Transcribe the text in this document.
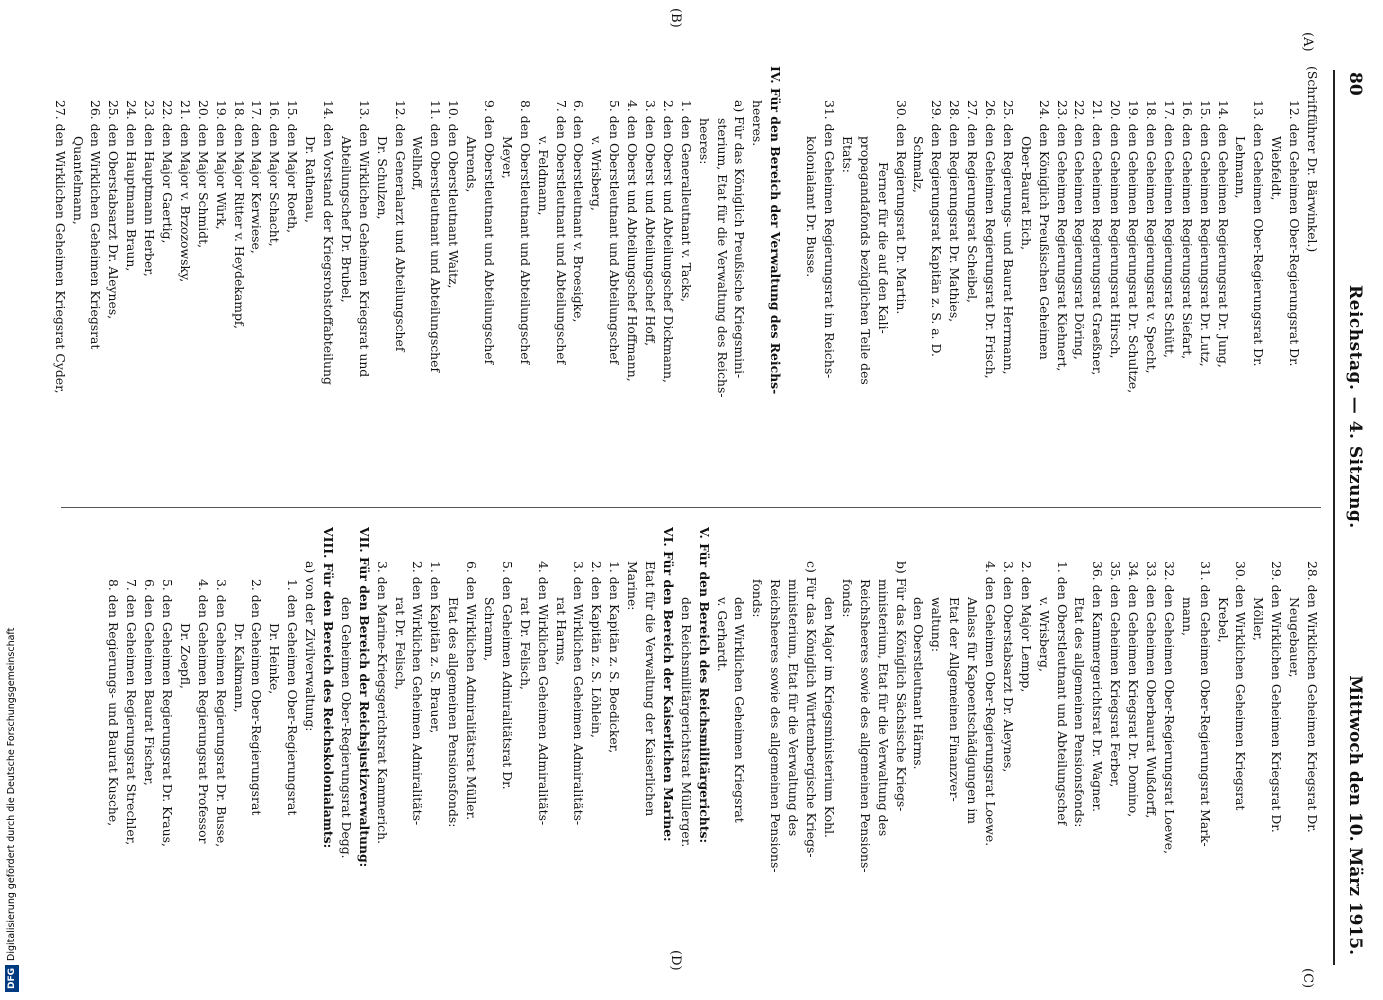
80
Reichstag. — 4. Sitzung.
Mittwoch den 10. März 1915.
(A)
(B)
(C)
(D)
(Schriftführer Dr. Bärwinkel.)
12. den Geheimen Ober-Regierungsrat Dr.
Wiebfeldt,
13. den Geheimen Ober-Regierungsrat Dr.
Lehmann,
14. den Geheimen Regierungsrat Dr. Jung,
15. den Geheimen Regierungsrat Dr. Lutz,
16. den Geheimen Regierungsrat Siefart,
17. den Geheimen Regierungsrat Schütt,
18. den Geheimen Regierungsrat v. Specht,
19. den Geheimen Regierungsrat Dr. Schultze,
20. den Geheimen Regierungsrat Hirsch,
21. den Geheimen Regierungsrat Graeßner,
22. den Geheimen Regierungsrat Döring,
23. den Geheimen Regierungsrat Kiehnert,
24. den Königlich Preußischen Geheimen
Ober-Baurat Eich,
25. den Regierungs- und Baurat Herrmann,
26. den Geheimen Regierungsrat Dr. Frisch,
27. den Regierungsrat Scheibel,
28. den Regierungsrat Dr. Mathies,
29. den Regierungsrat Kapitän z. S. a. D.
Schmalz,
30. den Regierungsrat Dr. Martin.
Ferner für die auf den Kali-
propagandafonds bezüglichen Teile des
Etats:
31. den Geheimen Regierungsrat im Reichs-
kolonialamt Dr. Busse.
IV. Für den Bereich der Verwaltung des Reichs-
heeres.
a) Für das Königlich Preußische Kriegsmini-
sterium, Etat für die Verwaltung des Reichs-
heeres:
1. den Generalleutnant v. Tacks,
2. den Oberst und Abteilungschef Dickmann,
3. den Oberst und Abteilungschef Hoff,
4. den Oberst und Abteilungschef Hoffmann,
5. den Oberstleutnant und Abteilungschef
v. Wrisberg,
6. den Oberstleutnant v. Broesigke,
7. den Oberstleutnant und Abteilungschef
v. Feldmann,
8. den Oberstleutnant und Abteilungschef
Meyer,
9. den Oberstleutnant und Abteilungschef
Ahrends,
10. den Oberstleutnant Waitz,
11. den Oberstleutnant und Abteilungschef
Wellhoff,
12. den Generalarzt und Abteilungschef
Dr. Schulzen,
13. den Wirklichen Geheimen Kriegsrat und
Abteilungschef Dr. Brubel,
14. den Vorstand der Kriegsrohstoffabteilung
Dr. Rathenau,
15. den Major Roeth,
16. den Major Schacht,
17. den Major Kerwiese,
18. den Major Ritter v. Heydekampf,
19. den Major Würk,
20. den Major Schmidt,
21. den Major v. Brzozowsky,
22. den Major Gaertig,
23. den Hauptmann Herber,
24. den Hauptmann Braun,
25. den Oberstabsarzt Dr. Aleynes,
26. den Wirklichen Geheimen Kriegsrat
Quantelmann,
27. den Wirklichen Geheimen Kriegsrat Cyder,
28. den Wirklichen Geheimen Kriegsrat Dr.
Neugebauer,
29. den Wirklichen Geheimen Kriegsrat Dr.
Möller,
30. den Wirklichen Geheimen Kriegsrat
Krebel,
31. den Geheimen Ober-Regierungsrat Mark-
mann,
32. den Geheimen Ober-Regierungsrat Loewe,
33. den Geheimen Oberbaurat Wußdorff,
34. den Geheimen Kriegsrat Dr. Domino,
35. den Geheimen Kriegsrat Ferber,
36. den Kammergerichtsrat Dr. Wagner.
Etat des allgemeinen Pensionsfonds:
1. den Oberstleutnant und Abteilungschef
v. Wrisberg,
2. den Major Lempp,
3. den Oberstabsarzt Dr. Aleynes,
4. den Geheimen Ober-Regierungsrat Loewe.
Anlass für Kapoentschädigungen im
Etat der Allgemeinen Finanzver-
waltung:
den Oberstleutnant Härms.
b) Für das Königlich Sächsische Kriegs-
ministerium, Etat für die Verwaltung des
Reichsheeres sowie des allgemeinen Pensions-
fonds:
den Major im Kriegsministerium Kohl.
c) Für das Königlich Württembergische Kriegs-
ministerium, Etat für die Verwaltung des
Reichsheeres sowie des allgemeinen Pensions-
fonds:
den Wirklichen Geheimen Kriegsrat
v. Gerhardt.
V. Für den Bereich des Reichsmilitärgerichts:
den Reichsmilitärgerichtsrat Müllerger.
VI. Für den Bereich der Kaiserlichen Marine:
Etat für die Verwaltung der Kaiserlichen
Marine:
1. den Kapitän z. S. Boedicker,
2. den Kapitän z. S. Löhlein,
3. den Wirklichen Geheimen Admiralitäts-
rat Harms,
4. den Wirklichen Geheimen Admiralitäts-
rat Dr. Felisch,
5. den Geheimen Admiralitätsrat Dr.
Schramm,
6. den Wirklichen Admiralitätsrat Müller.
Etat des allgemeinen Pensionsfonds:
1. den Kapitän z. S. Brauer,
2. den Wirklichen Geheimen Admiralitäts-
rat Dr. Felisch,
3. den Marine-Kriegsgerichtsrat Kammerich.
VII. Für den Bereich der Reichsjustizverwaltung:
den Geheimen Ober-Regierungsrat Degg.
VIII. Für den Bereich des Reichskolonialamts:
a) von der Zivilverwaltung:
1. den Geheimen Ober-Regierungsrat
Dr. Heinke,
2. den Geheimen Ober-Regierungsrat
Dr. Kalkmann,
3. den Geheimen Regierungsrat Dr. Busse,
4. den Geheimen Regierungsrat Professor
Dr. Zoepfl,
5. den Geheimen Regierungsrat Dr. Kraus,
6. den Geheimen Baurat Fischer,
7. den Geheimen Regierungsrat Strechler,
8. den Regierungs- und Baurat Kusche,
DFGDigitalisierung gefördert durch die Deutsche Forschungsgemeinschaft
